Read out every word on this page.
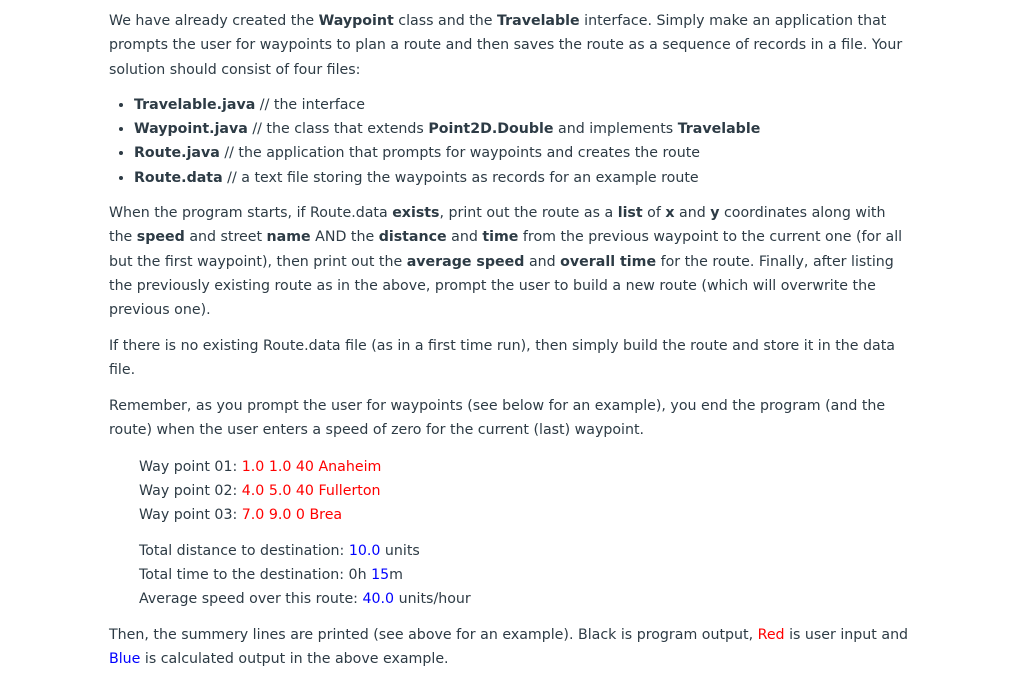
We have already created the Waypoint class and the Travelable interface. Simply make an application that prompts the user for waypoints to plan a route and then saves the route as a sequence of records in a file. Your solution should consist of four files:

• Travelable.java // the interface
• Waypoint.java // the class that extends Point2D.Double and implements Travelable
• Route.java // the application that prompts for waypoints and creates the route
• Route.data // a text file storing the waypoints as records for an example route

When the program starts, if Route.data exists, print out the route as a list of x and y coordinates along with the speed and street name AND the distance and time from the previous waypoint to the current one (for all but the first waypoint), then print out the average speed and overall time for the route. Finally, after listing the previously existing route as in the above, prompt the user to build a new route (which will overwrite the previous one).

If there is no existing Route.data file (as in a first time run), then simply build the route and store it in the data file.

Remember, as you prompt the user for waypoints (see below for an example), you end the program (and the route) when the user enters a speed of zero for the current (last) waypoint.

Way point 01: 1.0 1.0 40 Anaheim
Way point 02: 4.0 5.0 40 Fullerton
Way point 03: 7.0 9.0 0 Brea
Total distance to destination: 10.0 units
Total time to the destination: 0h 15m
Average speed over this route: 40.0 units/hour

Then, the summery lines are printed (see above for an example). Black is program output, Red is user input and Blue is calculated output in the above example.
